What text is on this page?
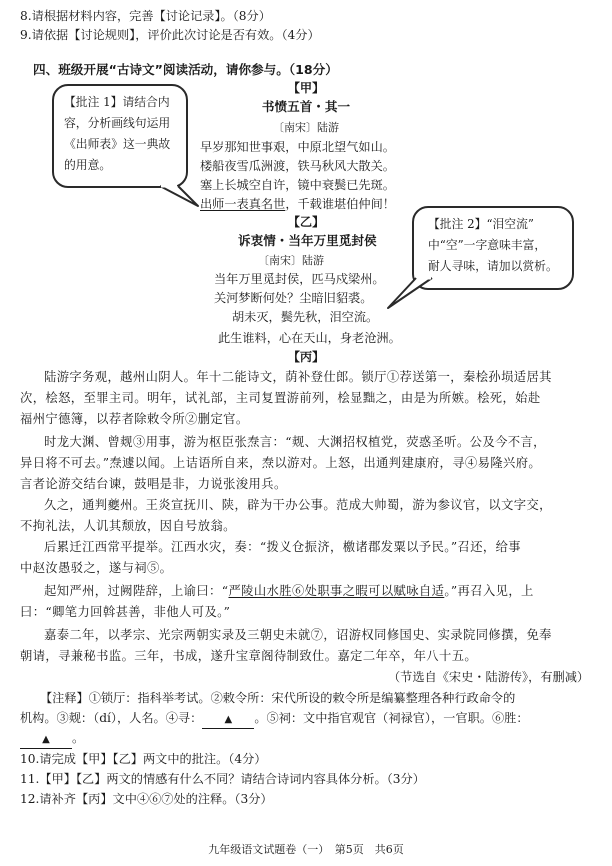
8.请根据材料内容，完善【讨论记录】。（8分）
9.请依据【讨论规则】，评价此次讨论是否有效。（4分）
四、班级开展“古诗文”阅读活动，请你参与。（18分）
【甲】
书愤五首・其一
〔南宋〕陆游
早岁那知世事艰，中原北望气如山。
楼船夜雪瓜洲渡，铁马秋风大散关。
塞上长城空自许，镜中衰鬓已先斑。
出师一表真名世，千载谁堪伯仲间！
【乙】
诉衷情・当年万里觅封侯
〔南宋〕陆游
当年万里觅封侯，匹马戍梁州。
关河梦断何处？尘暗旧貂裘。
胡未灭，鬓先秋，泪空流。
此生谁料，心在天山，身老沧洲。
【批注 1】请结合内
容，分析画线句运用
《出师表》这一典故
的用意。
【批注 2】“泪空流”
中“空”一字意味丰富，
耐人寻味，请加以赏析。
【丙】
陆游字务观，越州山阴人。年十二能诗文，荫补登仕郎。锁厅①荐送第一，秦桧孙埙适居其
次，桧怒，至罪主司。明年，试礼部，主司复置游前列，桧显黜之，由是为所嫉。桧死，始赴
福州宁德簿，以荐者除敕令所②删定官。
时龙大渊、曾觌③用事，游为枢臣张焘言：“觌、大渊招权植党，荧惑圣听。公及今不言，
异日将不可去。”焘遽以闻。上诘语所自来，焘以游对。上怒，出通判建康府，寻④易隆兴府。
言者论游交结台谏，鼓唱是非，力说张浚用兵。
久之，通判夔州。王炎宣抚川、陕，辟为干办公事。范成大帅蜀，游为参议官，以文字交，
不拘礼法，人讥其颓放，因自号放翁。
后累迁江西常平提举。江西水灾，奏：“拨义仓振济，檄诸郡发粟以予民。”召还，给事
中赵汝愚驳之，遂与祠⑤。
起知严州，过阙陛辞，上谕曰：“严陵山水胜⑥处职事之暇可以赋咏自适。”再召入见，上
曰：“卿笔力回斡甚善，非他人可及。”
嘉泰二年，以孝宗、光宗两朝实录及三朝史未就⑦，诏游权同修国史、实录院同修撰，免奉
朝请，寻兼秘书监。三年，书成，遂升宝章阁待制致仕。嘉定二年卒，年八十五。
（节选自《宋史・陆游传》，有删减）
【注释】①锁厅：指科举考试。②敕令所：宋代所设的敕令所是编纂整理各种行政命令的
机构。③觌：（dí），人名。④寻： ▲ 。⑤祠：文中指官观官（祠禄官），一官职。⑥胜：
▲ 。
10.请完成【甲】【乙】两文中的批注。（4分）
11.【甲】【乙】两文的情感有什么不同？请结合诗词内容具体分析。（3分）
12.请补齐【丙】文中④⑥⑦处的注释。（3分）
九年级语文试题卷（一）　第5页　共6页
